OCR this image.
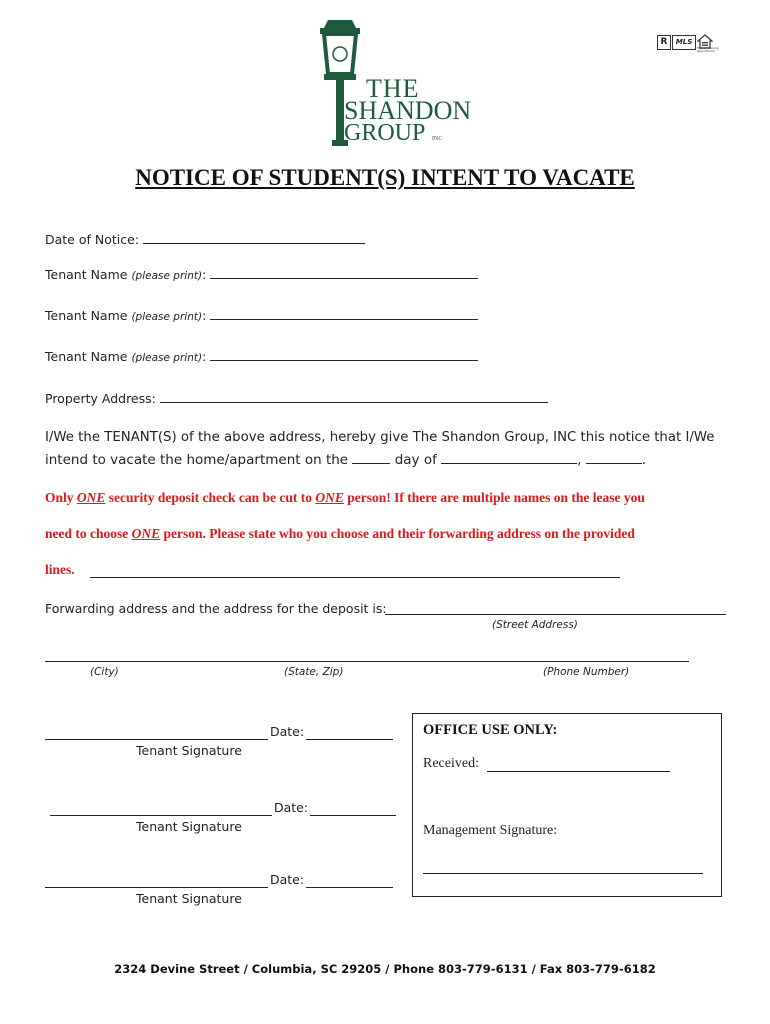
THE
SHANDON
GROUP INC
R	MLS
Equal Housing Opportunity
NOTICE OF STUDENT(S) INTENT TO VACATE
Date of Notice:
Tenant Name (please print):
Tenant Name (please print):
Tenant Name (please print):
Property Address:
I/We the TENANT(S) of the above address, hereby give The Shandon Group, INC this notice that I/We
intend to vacate the home/apartment on the	day of	,	.
Only ONE security deposit check can be cut to ONE person! If there are multiple names on the lease you
need to choose ONE person. Please state who you choose and their forwarding address on the provided
lines.
Forwarding address and the address for the deposit is:
(Street Address)
(City)	(State, Zip)	(Phone Number)
Date:
Tenant Signature
Date:
Tenant Signature
Date:
Tenant Signature
OFFICE USE ONLY:
Received:
Management Signature:
2324 Devine Street / Columbia, SC 29205 / Phone 803-779-6131 / Fax 803-779-6182
